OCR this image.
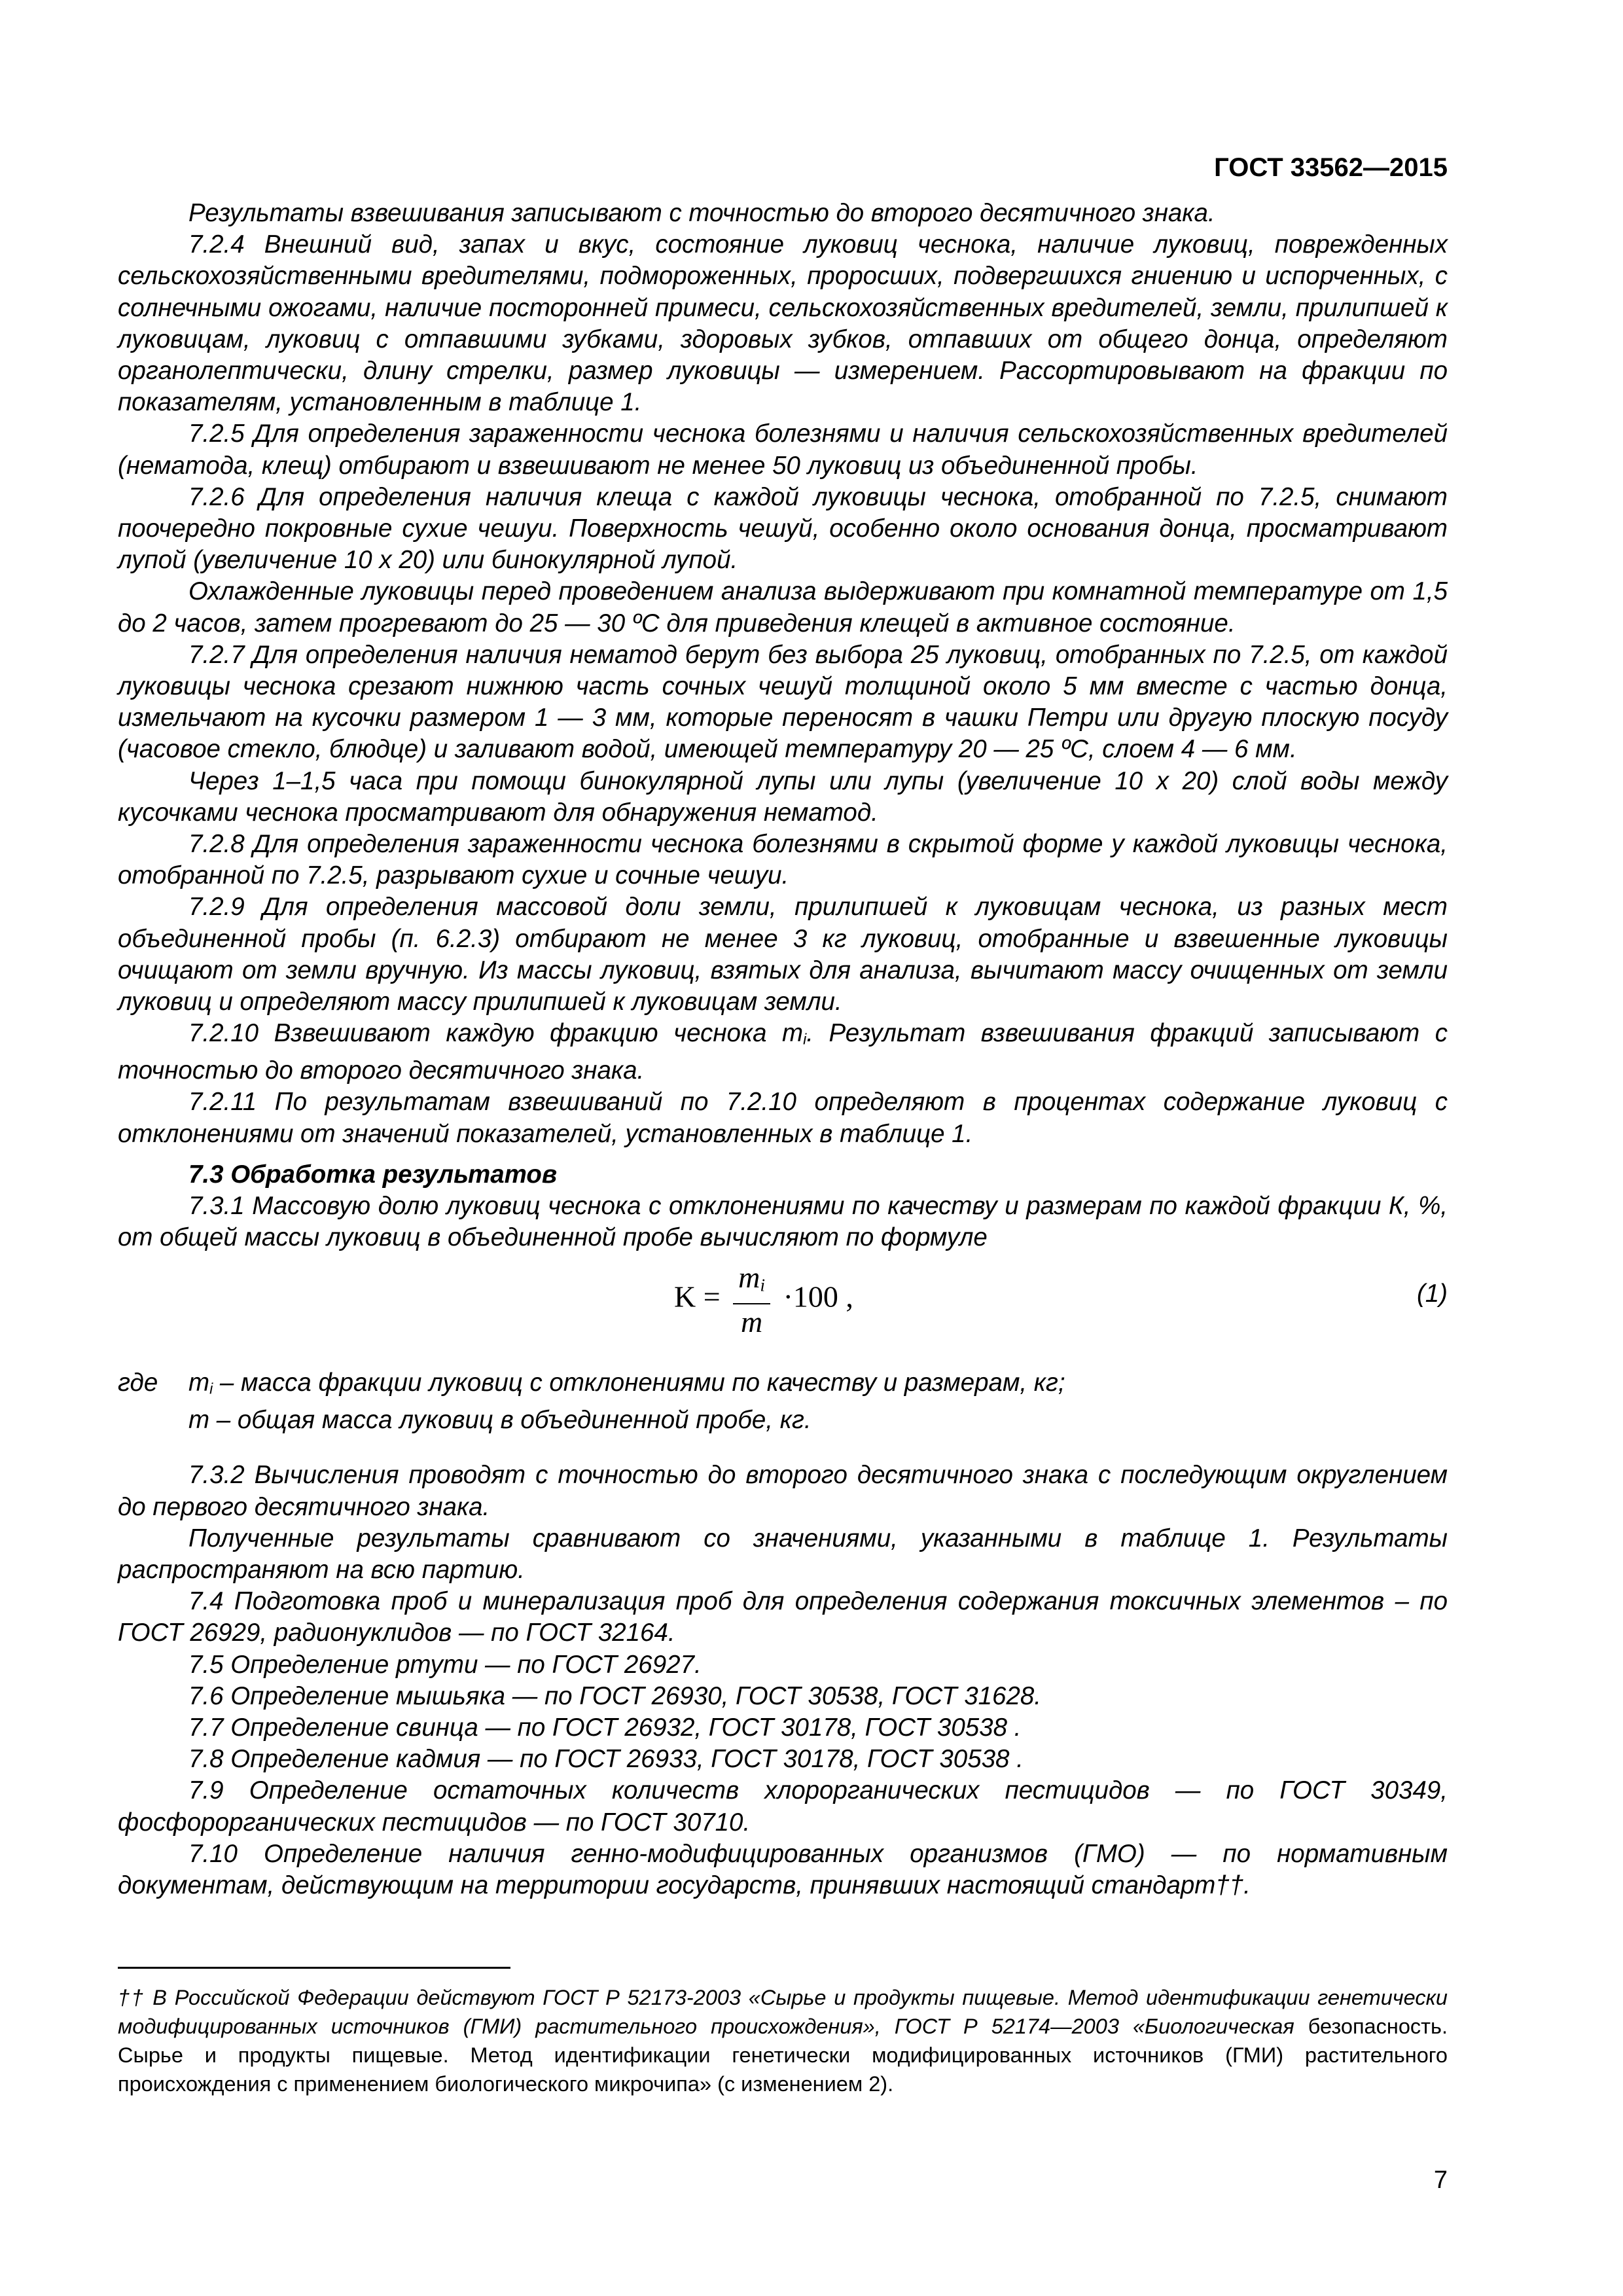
ГОСТ 33562—2015

Результаты взвешивания записывают с точностью до второго десятичного знака.

7.2.4 Внешний вид, запах и вкус, состояние луковиц чеснока, наличие луковиц, поврежденных сельскохозяйственными вредителями, подмороженных, проросших, подвергшихся гниению и испорченных, с солнечными ожогами, наличие посторонней примеси, сельскохозяйственных вредителей, земли, прилипшей к луковицам, луковиц с отпавшими зубками, здоровых зубков, отпавших от общего донца, определяют органолептически, длину стрелки, размер луковицы — измерением. Рассортировывают на фракции по показателям, установленным в таблице 1.

7.2.5 Для определения зараженности чеснока болезнями и наличия сельскохозяйственных вредителей (нематода, клещ) отбирают и взвешивают не менее 50 луковиц из объединенной пробы.

7.2.6 Для определения наличия клеща с каждой луковицы чеснока, отобранной по 7.2.5, снимают поочередно покровные сухие чешуи. Поверхность чешуй, особенно около основания донца, просматривают лупой (увеличение 10 х 20) или бинокулярной лупой.

Охлажденные луковицы перед проведением анализа выдерживают при комнатной температуре от 1,5 до 2 часов, затем прогревают до 25 — 30 ºС для приведения клещей в активное состояние.

7.2.7 Для определения наличия нематод берут без выбора 25 луковиц, отобранных по 7.2.5, от каждой луковицы чеснока срезают нижнюю часть сочных чешуй толщиной около 5 мм вместе с частью донца, измельчают на кусочки размером 1 — 3 мм, которые переносят в чашки Петри или другую плоскую посуду (часовое стекло, блюдце) и заливают водой, имеющей температуру 20 — 25 ºС, слоем 4 — 6 мм.

Через 1–1,5 часа при помощи бинокулярной лупы или лупы (увеличение 10 х 20) слой воды между кусочками чеснока просматривают для обнаружения нематод.

7.2.8 Для определения зараженности чеснока болезнями в скрытой форме у каждой луковицы чеснока, отобранной по 7.2.5, разрывают сухие и сочные чешуи.

7.2.9 Для определения массовой доли земли, прилипшей к луковицам чеснока, из разных мест объединенной пробы (п. 6.2.3) отбирают не менее 3 кг луковиц, отобранные и взвешенные луковицы очищают от земли вручную. Из массы луковиц, взятых для анализа, вычитают массу очищенных от земли луковиц и определяют массу прилипшей к луковицам земли.

7.2.10 Взвешивают каждую фракцию чеснока $m_i$. Результат взвешивания фракций записывают с точностью до второго десятичного знака.

7.2.11 По результатам взвешиваний по 7.2.10 определяют в процентах содержание луковиц с отклонениями от значений показателей, установленных в таблице 1.

7.3 Обработка результатов

7.3.1 Массовую долю луковиц чеснока с отклонениями по качеству и размерам по каждой фракции К, %, от общей массы луковиц в объединенной пробе вычисляют по формуле

$K = \frac{m_i}{m} \cdot 100$ ,	(1)
где $m_i$ – масса фракции луковиц с отклонениями по качеству и размерам, кг;
m – общая масса луковиц в объединенной пробе, кг.

7.3.2 Вычисления проводят с точностью до второго десятичного знака с последующим округлением до первого десятичного знака.

Полученные результаты сравнивают со значениями, указанными в таблице 1. Результаты распространяют на всю партию.

7.4 Подготовка проб и минерализация проб для определения содержания токсичных элементов – по ГОСТ 26929, радионуклидов — по ГОСТ 32164.

7.5 Определение ртути — по ГОСТ 26927.

7.6 Определение мышьяка — по ГОСТ 26930, ГОСТ 30538, ГОСТ 31628.

7.7 Определение свинца — по ГОСТ 26932, ГОСТ 30178, ГОСТ 30538 .

7.8 Определение кадмия — по ГОСТ 26933, ГОСТ 30178, ГОСТ 30538 .

7.9 Определение остаточных количеств хлорорганических пестицидов — по ГОСТ 30349, фосфорорганических пестицидов — по ГОСТ 30710.

7.10 Определение наличия генно-модифицированных организмов (ГМО) — по нормативным документам, действующим на территории государств, принявших настоящий стандарт††.

†† В Российской Федерации действуют ГОСТ Р 52173-2003 «Сырье и продукты пищевые. Метод идентификации генетически модифицированных источников (ГМИ) растительного происхождения», ГОСТ Р 52174—2003 «Биологическая безопасность. Сырье и продукты пищевые. Метод идентификации генетически модифицированных источников (ГМИ) растительного происхождения с применением биологического микрочипа» (с изменением 2).
7
